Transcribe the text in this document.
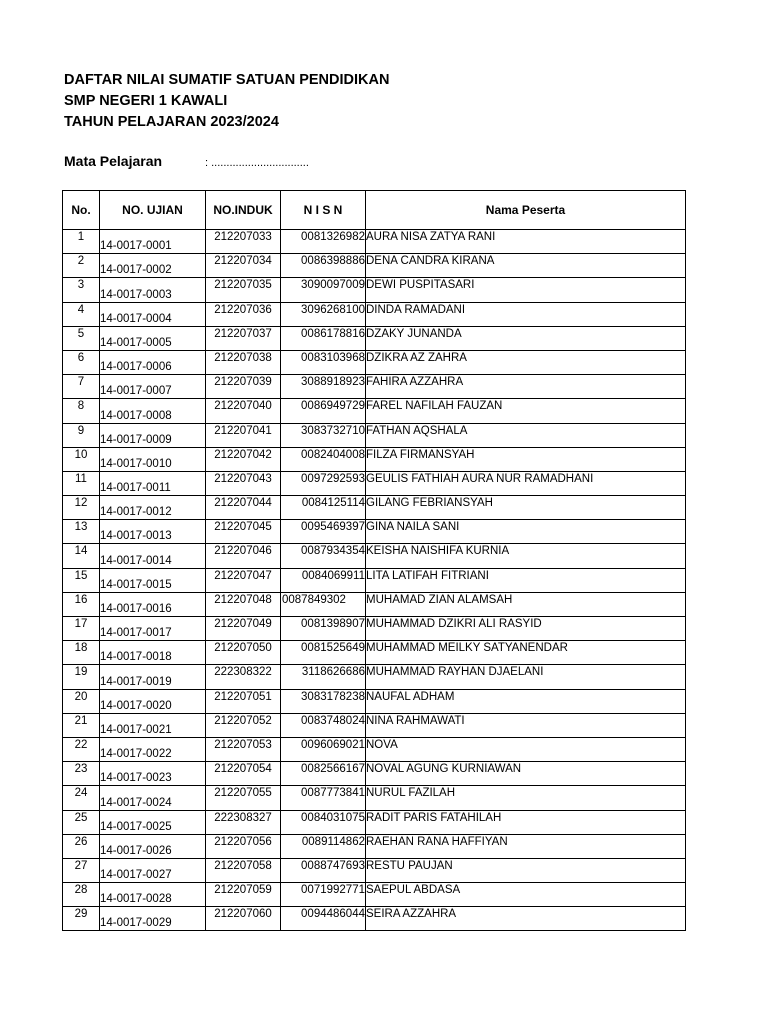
DAFTAR NILAI SUMATIF SATUAN PENDIDIKAN
SMP NEGERI 1 KAWALI
TAHUN PELAJARAN 2023/2024
Mata Pelajaran	: ................................
No.	NO. UJIAN	NO.INDUK	N I S N	Nama Peserta
1	14-0017-0001	212207033	0081326982	AURA NISA ZATYA RANI
2	14-0017-0002	212207034	0086398886	DENA CANDRA KIRANA
3	14-0017-0003	212207035	3090097009	DEWI PUSPITASARI
4	14-0017-0004	212207036	3096268100	DINDA RAMADANI
5	14-0017-0005	212207037	0086178816	DZAKY JUNANDA
6	14-0017-0006	212207038	0083103968	DZIKRA AZ ZAHRA
7	14-0017-0007	212207039	3088918923	FAHIRA AZZAHRA
8	14-0017-0008	212207040	0086949729	FAREL NAFILAH FAUZAN
9	14-0017-0009	212207041	3083732710	FATHAN AQSHALA
10	14-0017-0010	212207042	0082404008	FILZA FIRMANSYAH
11	14-0017-0011	212207043	0097292593	GEULIS FATHIAH AURA NUR RAMADHANI
12	14-0017-0012	212207044	0084125114	GILANG FEBRIANSYAH
13	14-0017-0013	212207045	0095469397	GINA NAILA SANI
14	14-0017-0014	212207046	0087934354	KEISHA NAISHIFA KURNIA
15	14-0017-0015	212207047	0084069911	LITA LATIFAH FITRIANI
16	14-0017-0016	212207048	0087849302	MUHAMAD ZIAN ALAMSAH
17	14-0017-0017	212207049	0081398907	MUHAMMAD DZIKRI ALI RASYID
18	14-0017-0018	212207050	0081525649	MUHAMMAD MEILKY SATYANENDAR
19	14-0017-0019	222308322	3118626686	MUHAMMAD RAYHAN DJAELANI
20	14-0017-0020	212207051	3083178238	NAUFAL ADHAM
21	14-0017-0021	212207052	0083748024	NINA RAHMAWATI
22	14-0017-0022	212207053	0096069021	NOVA
23	14-0017-0023	212207054	0082566167	NOVAL AGUNG KURNIAWAN
24	14-0017-0024	212207055	0087773841	NURUL FAZILAH
25	14-0017-0025	222308327	0084031075	RADIT PARIS FATAHILAH
26	14-0017-0026	212207056	0089114862	RAEHAN RANA HAFFIYAN
27	14-0017-0027	212207058	0088747693	RESTU PAUJAN
28	14-0017-0028	212207059	0071992771	SAEPUL ABDASA
29	14-0017-0029	212207060	0094486044	SEIRA AZZAHRA
